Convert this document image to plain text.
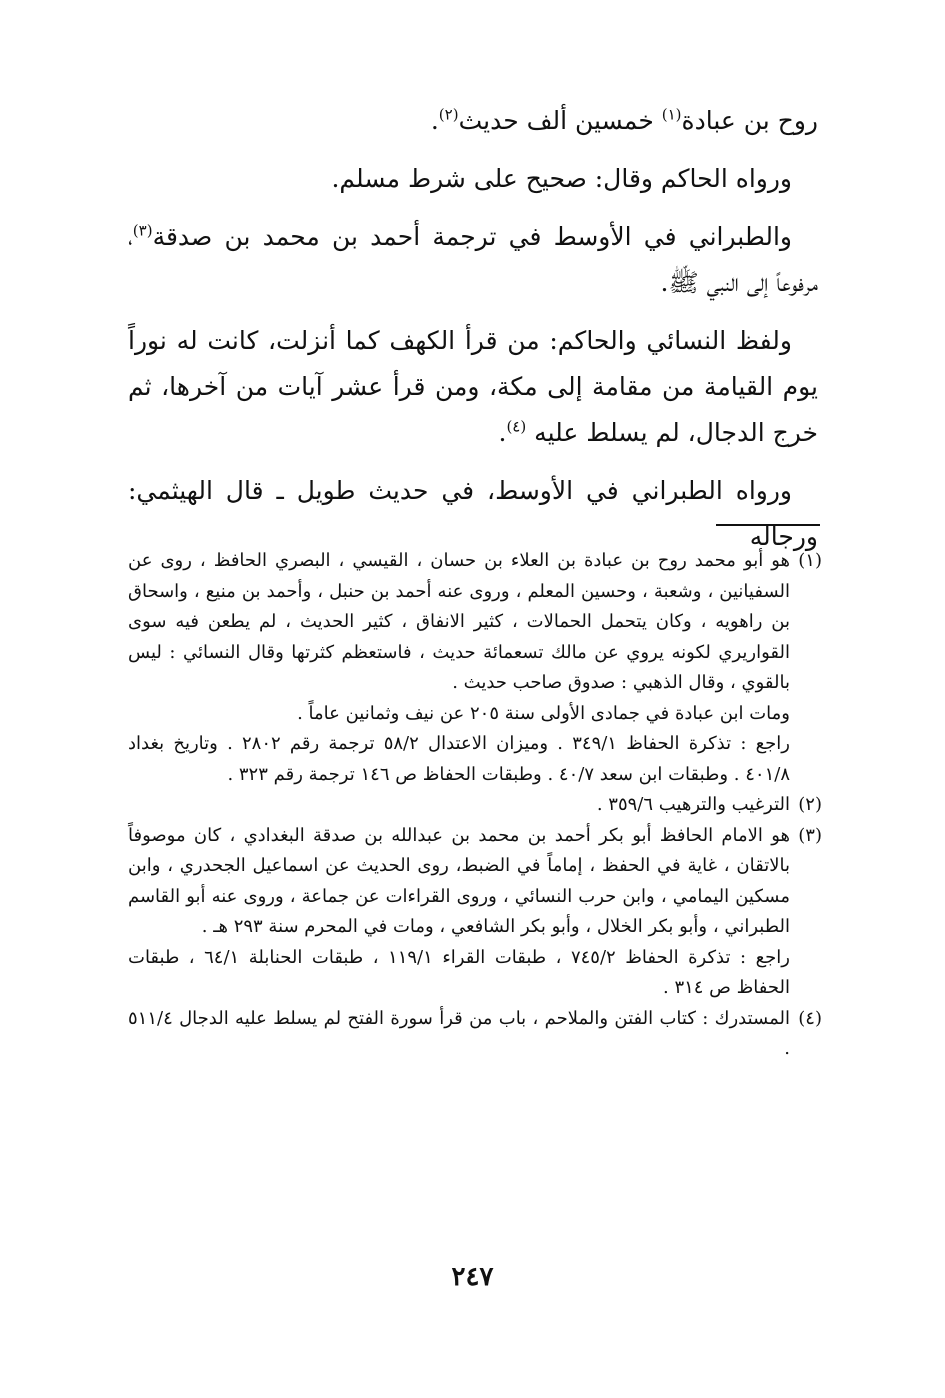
روح بن عبادة$^{(١)}$ خمسين ألف حديث$^{(٢)}$.

ورواه الحاكم وقال: صحيح على شرط مسلم.

والطبراني في الأوسط في ترجمة أحمد بن محمد بن صدقة$^{(٣)}$، مرفوعاً إلى النبي ﷺ.

ولفظ النسائي والحاكم: من قرأ الكهف كما أنزلت، كانت له نوراً يوم القيامة من مقامة إلى مكة، ومن قرأ عشر آيات من آخرها، ثم خرج الدجال، لم يسلط عليه $^{(٤)}$.

ورواه الطبراني في الأوسط، في حديث طويل ـ قال الهيثمي: ورجاله

(١)
هو أبو محمد روح بن عبادة بن العلاء بن حسان ، القيسي ، البصري الحافظ ، روى عن السفيانين ، وشعبة ، وحسين المعلم ، وروى عنه أحمد بن حنبل ، وأحمد بن منيع ، واسحاق بن راهويه ، وكان يتحمل الحمالات ، كثير الانفاق ، كثير الحديث ، لم يطعن فيه سوى القواريري لكونه يروي عن مالك تسعمائة حديث ، فاستعظم كثرتها وقال النسائي : ليس بالقوي ، وقال الذهبي : صدوق صاحب حديث .
ومات ابن عبادة في جمادى الأولى سنة ٢٠٥ عن نيف وثمانين عاماً .
راجع : تذكرة الحفاظ ٣٤٩/١ . وميزان الاعتدال ٥٨/٢ ترجمة رقم ٢٨٠٢ . وتاريخ بغداد ٤٠١/٨ . وطبقات ابن سعد ٤٠/٧ . وطبقات الحفاظ ص ١٤٦ ترجمة رقم ٣٢٣ .
(٢)
الترغيب والترهيب ٣٥٩/٦ .
(٣)
هو الامام الحافظ أبو بكر أحمد بن محمد بن عبدالله بن صدقة البغدادي ، كان موصوفاً بالاتقان ، غاية في الحفظ ، إماماً في الضبط، روى الحديث عن اسماعيل الجحدري ، وابن مسكين اليمامي ، وابن حرب النسائي ، وروى القراءات عن جماعة ، وروى عنه أبو القاسم الطبراني ، وأبو بكر الخلال ، وأبو بكر الشافعي ، ومات في المحرم سنة ٢٩٣ هـ .
راجع : تذكرة الحفاظ ٧٤٥/٢ ، طبقات القراء ١١٩/١ ، طبقات الحنابلة ٦٤/١ ، طبقات الحفاظ ص ٣١٤ .
(٤)
المستدرك : كتاب الفتن والملاحم ، باب من قرأ سورة الفتح لم يسلط عليه الدجال ٥١١/٤ .
٢٤٧
